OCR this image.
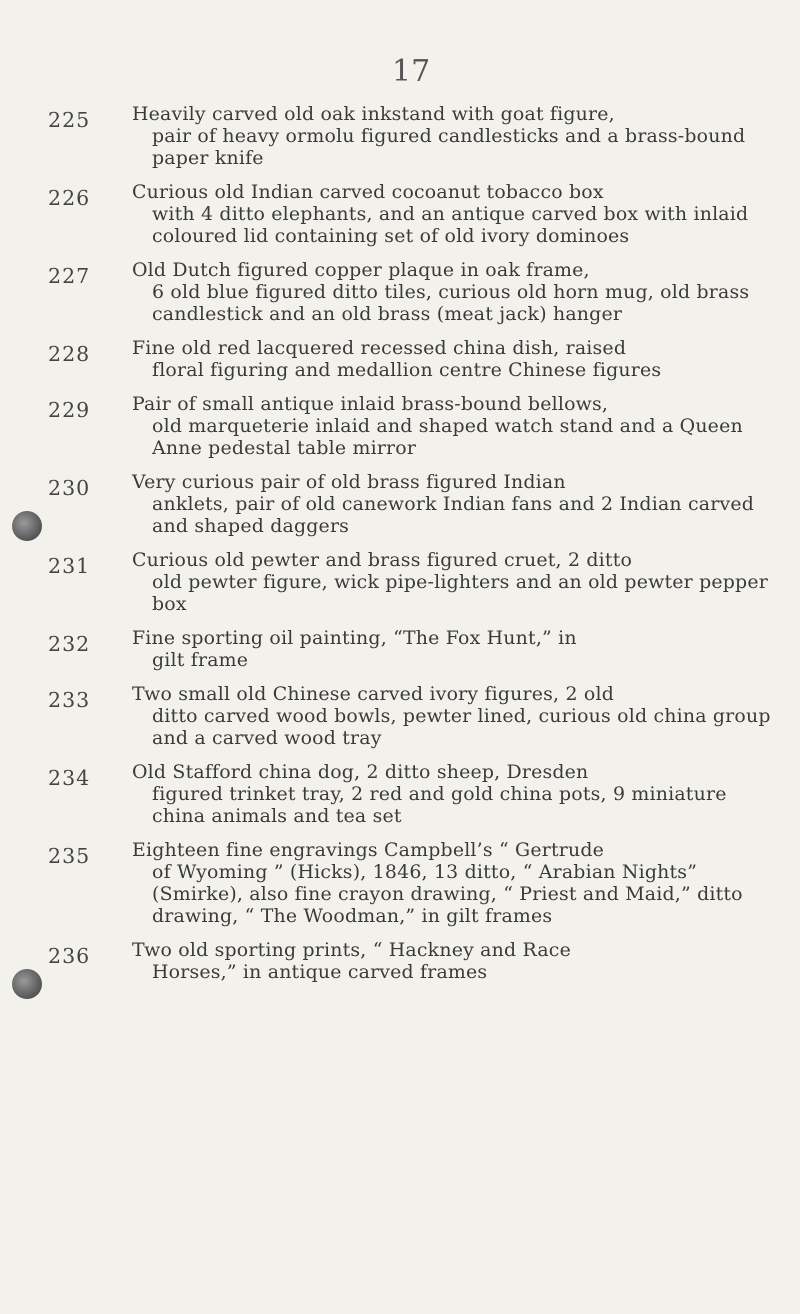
17
225 Heavily carved old oak inkstand with goat figure,
pair of heavy ormolu figured candlesticks and a brass-bound paper knife
226 Curious old Indian carved cocoanut tobacco box
with 4 ditto elephants, and an antique carved box with inlaid coloured lid containing set of old ivory dominoes
227 Old Dutch figured copper plaque in oak frame,
6 old blue figured ditto tiles, curious old horn mug, old brass candlestick and an old brass (meat jack) hanger
228 Fine old red lacquered recessed china dish, raised
floral figuring and medallion centre Chinese figures
229 Pair of small antique inlaid brass-bound bellows,
old marqueterie inlaid and shaped watch stand and a Queen Anne pedestal table mirror
230 Very curious pair of old brass figured Indian
anklets, pair of old canework Indian fans and 2 Indian carved and shaped daggers
231 Curious old pewter and brass figured cruet, 2 ditto
old pewter figure, wick pipe-lighters and an old pewter pepper box
232 Fine sporting oil painting, “The Fox Hunt,” in
gilt frame
233 Two small old Chinese carved ivory figures, 2 old
ditto carved wood bowls, pewter lined, curious old china group and a carved wood tray
234 Old Stafford china dog, 2 ditto sheep, Dresden
figured trinket tray, 2 red and gold china pots, 9 miniature china animals and tea set
235 Eighteen fine engravings Campbell’s “ Gertrude
of Wyoming ” (Hicks), 1846, 13 ditto, “ Arabian Nights” (Smirke), also fine crayon drawing, “ Priest and Maid,” ditto drawing, “ The Woodman,” in gilt frames
236 Two old sporting prints, “ Hackney and Race
Horses,” in antique carved frames
